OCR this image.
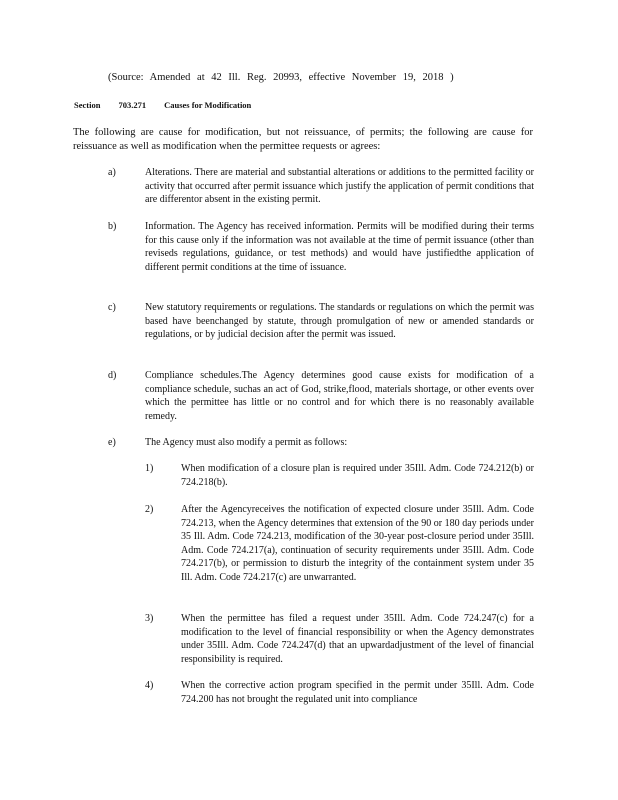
(Source: Amended at 42 Ill. Reg. 20993, effective November 19, 2018 )
Section 703.271 Causes for Modification
The following are cause for modification, but not reissuance, of permits; the following are cause for reissuance as well as modification when the permittee requests or agrees:
a)	Alterations. There are material and substantial alterations or additions to the permitted facility or activity that occurred after permit issuance which justify the application of permit conditions that are differentor absent in the existing permit.
b)	Information. The Agency has received information. Permits will be modified during their terms for this cause only if the information was not available at the time of permit issuance (other than reviseds regulations, guidance, or test methods) and would have justifiedthe application of different permit conditions at the time of issuance.
c)	New statutory requirements or regulations. The standards or regulations on which the permit was based have beenchanged by statute, through promulgation of new or amended standards or regulations, or by judicial decision after the permit was issued.
d)	Compliance schedules.The Agency determines good cause exists for modification of a compliance schedule, suchas an act of God, strike,flood, materials shortage, or other events over which the permittee has little or no control and for which there is no reasonably available remedy.
e)	The Agency must also modify a permit as follows:
1)	When modification of a closure plan is required under 35Ill. Adm. Code 724.212(b) or 724.218(b).
2)	After the Agencyreceives the notification of expected closure under 35Ill. Adm. Code 724.213, when the Agency determines that extension of the 90 or 180 day periods under 35 Ill. Adm. Code 724.213, modification of the 30-year post-closure period under 35Ill. Adm. Code 724.217(a), continuation of security requirements under 35Ill. Adm. Code 724.217(b), or permission to disturb the integrity of the containment system under 35 Ill. Adm. Code 724.217(c) are unwarranted.
3)	When the permittee has filed a request under 35Ill. Adm. Code 724.247(c) for a modification to the level of financial responsibility or when the Agency demonstrates under 35Ill. Adm. Code 724.247(d) that an upwardadjustment of the level of financial responsibility is required.
4)	When the corrective action program specified in the permit under 35Ill. Adm. Code 724.200 has not brought the regulated unit into compliance
